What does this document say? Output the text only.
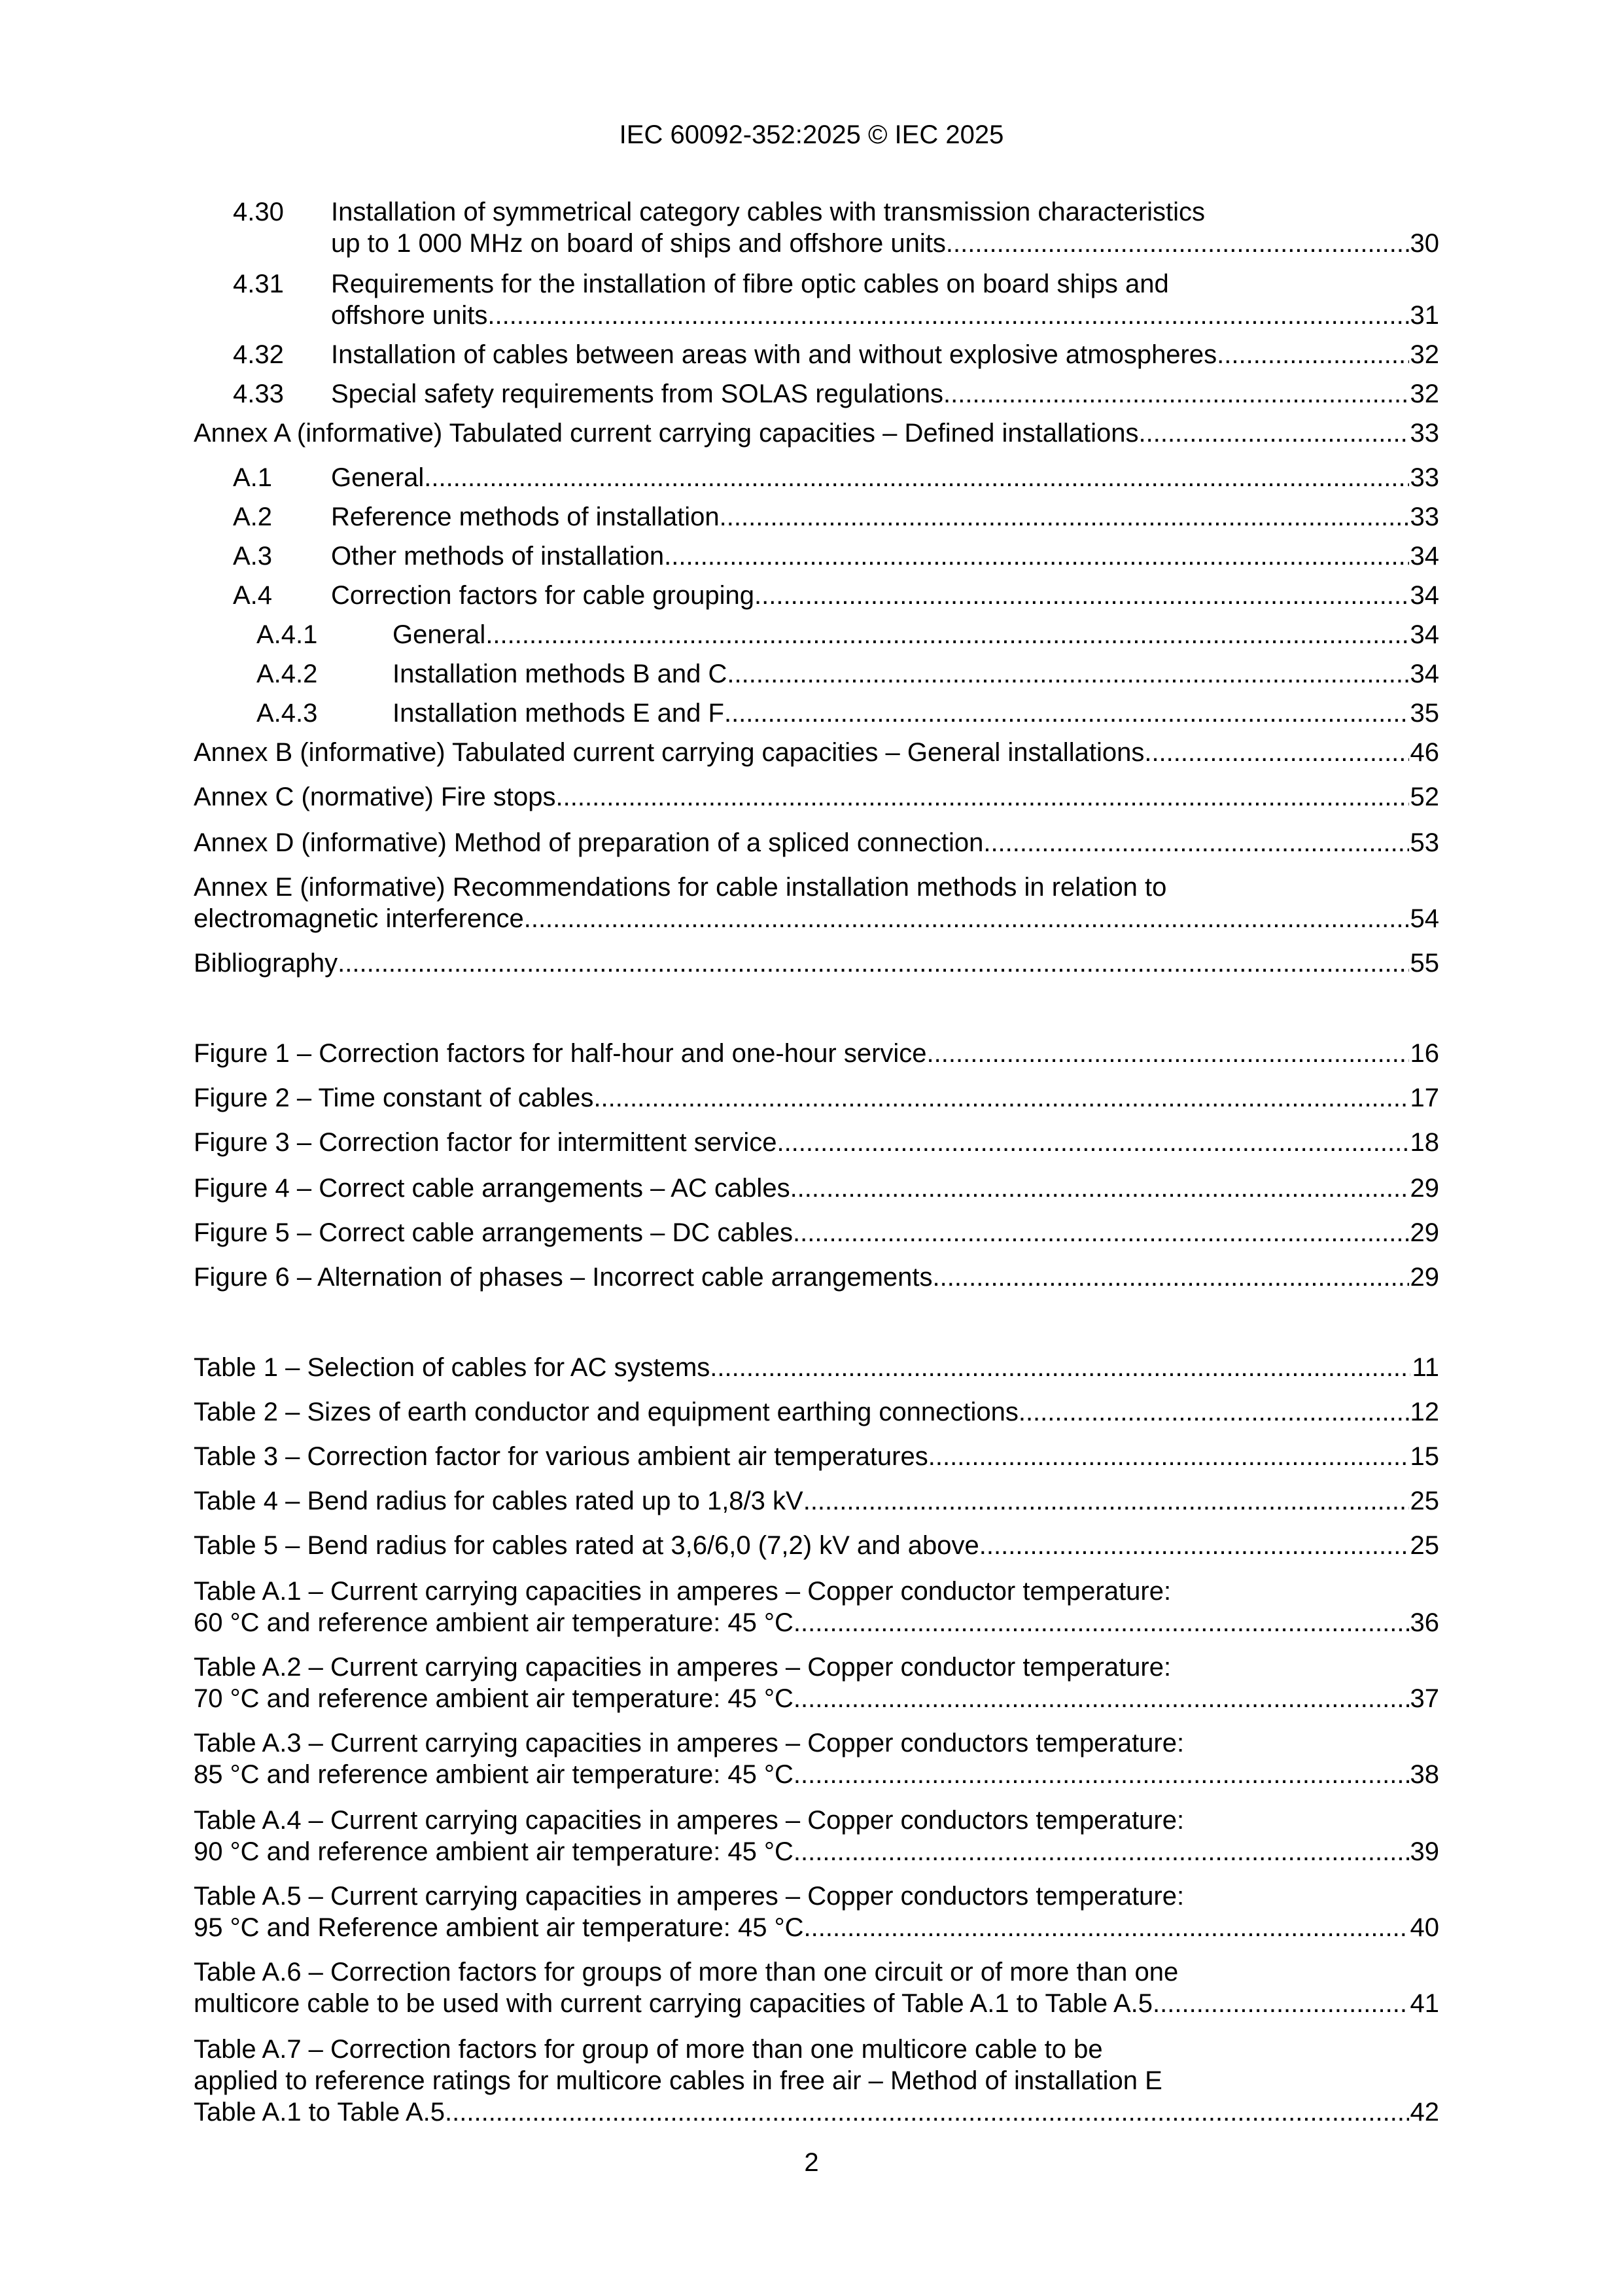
IEC 60092-352:2025 © IEC 2025
4.30 Installation of symmetrical category cables with transmission characteristics
up to 1 000 MHz on board of ships and offshore units .....	30
4.31 Requirements for the installation of fibre optic cables on board ships and
offshore units .....	31
4.32 Installation of cables between areas with and without explosive atmospheres .....	32
4.33 Special safety requirements from SOLAS regulations .....	32
Annex A (informative) Tabulated current carrying capacities – Defined installations .....	33
A.1 General. .....	33
A.2 Reference methods of installation .....	33
A.3 Other methods of installation .....	34
A.4 Correction factors for cable grouping .....	34
A.4.1	General .....	34
A.4.2	Installation methods B and C .....	34
A.4.3	Installation methods E and F .....	35
Annex B (informative) Tabulated current carrying capacities – General installations .....	46
Annex C (normative) Fire stops .....	52
Annex D (informative) Method of preparation of a spliced connection .....	53
Annex E (informative) Recommendations for cable installation methods in relation to
electromagnetic interference .....	54
Bibliography .....	55
Figure 1 – Correction factors for half-hour and one-hour service .....	16
Figure 2 – Time constant of cables .....	17
Figure 3 – Correction factor for intermittent service .....	18
Figure 4 – Correct cable arrangements – AC cables .....	29
Figure 5 – Correct cable arrangements – DC cables .....	29
Figure 6 – Alternation of phases – Incorrect cable arrangements .....	29
Table 1 – Selection of cables for AC systems .....	11
Table 2 – Sizes of earth conductor and equipment earthing connections .....	12
Table 3 – Correction factor for various ambient air temperatures .....	15
Table 4 – Bend radius for cables rated up to 1,8/3 kV .....	25
Table 5 – Bend radius for cables rated at 3,6/6,0 (7,2) kV and above .....	25
Table A.1 – Current carrying capacities in amperes – Copper conductor temperature:
60 °C and reference ambient air temperature: 45 °C .....	36
Table A.2 – Current carrying capacities in amperes – Copper conductor temperature:
70 °C and reference ambient air temperature: 45 °C .....	37
Table A.3 – Current carrying capacities in amperes – Copper conductors temperature:
85 °C and reference ambient air temperature: 45 °C .....	38
Table A.4 – Current carrying capacities in amperes – Copper conductors temperature:
90 °C and reference ambient air temperature: 45 °C .....	39
Table A.5 – Current carrying capacities in amperes – Copper conductors temperature:
95 °C and Reference ambient air temperature: 45 °C .....	40
Table A.6 – Correction factors for groups of more than one circuit or of more than one
multicore cable to be used with current carrying capacities of Table A.1 to Table A.5 .....	41
Table A.7 – Correction factors for group of more than one multicore cable to be
applied to reference ratings for multicore cables in free air – Method of installation E
Table A.1 to Table A.5 .....	42
2
